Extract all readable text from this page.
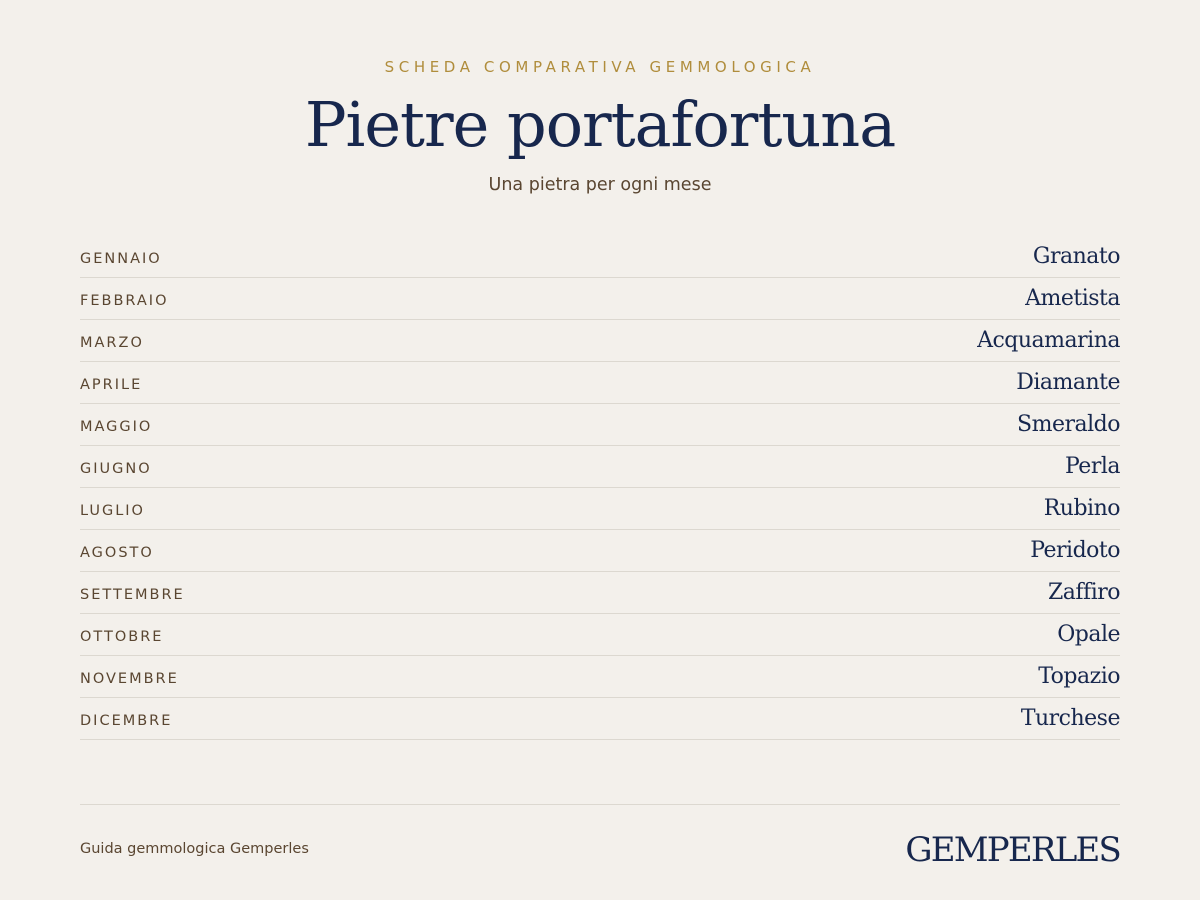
SCHEDA COMPARATIVA GEMMOLOGICA
Pietre portafortuna
Una pietra per ogni mese
GENNAIO	Granato
FEBBRAIO	Ametista
MARZO	Acquamarina
APRILE	Diamante
MAGGIO	Smeraldo
GIUGNO	Perla
LUGLIO	Rubino
AGOSTO	Peridoto
SETTEMBRE	Zaffiro
OTTOBRE	Opale
NOVEMBRE	Topazio
DICEMBRE	Turchese
Guida gemmologica Gemperles	GEMPERLES
